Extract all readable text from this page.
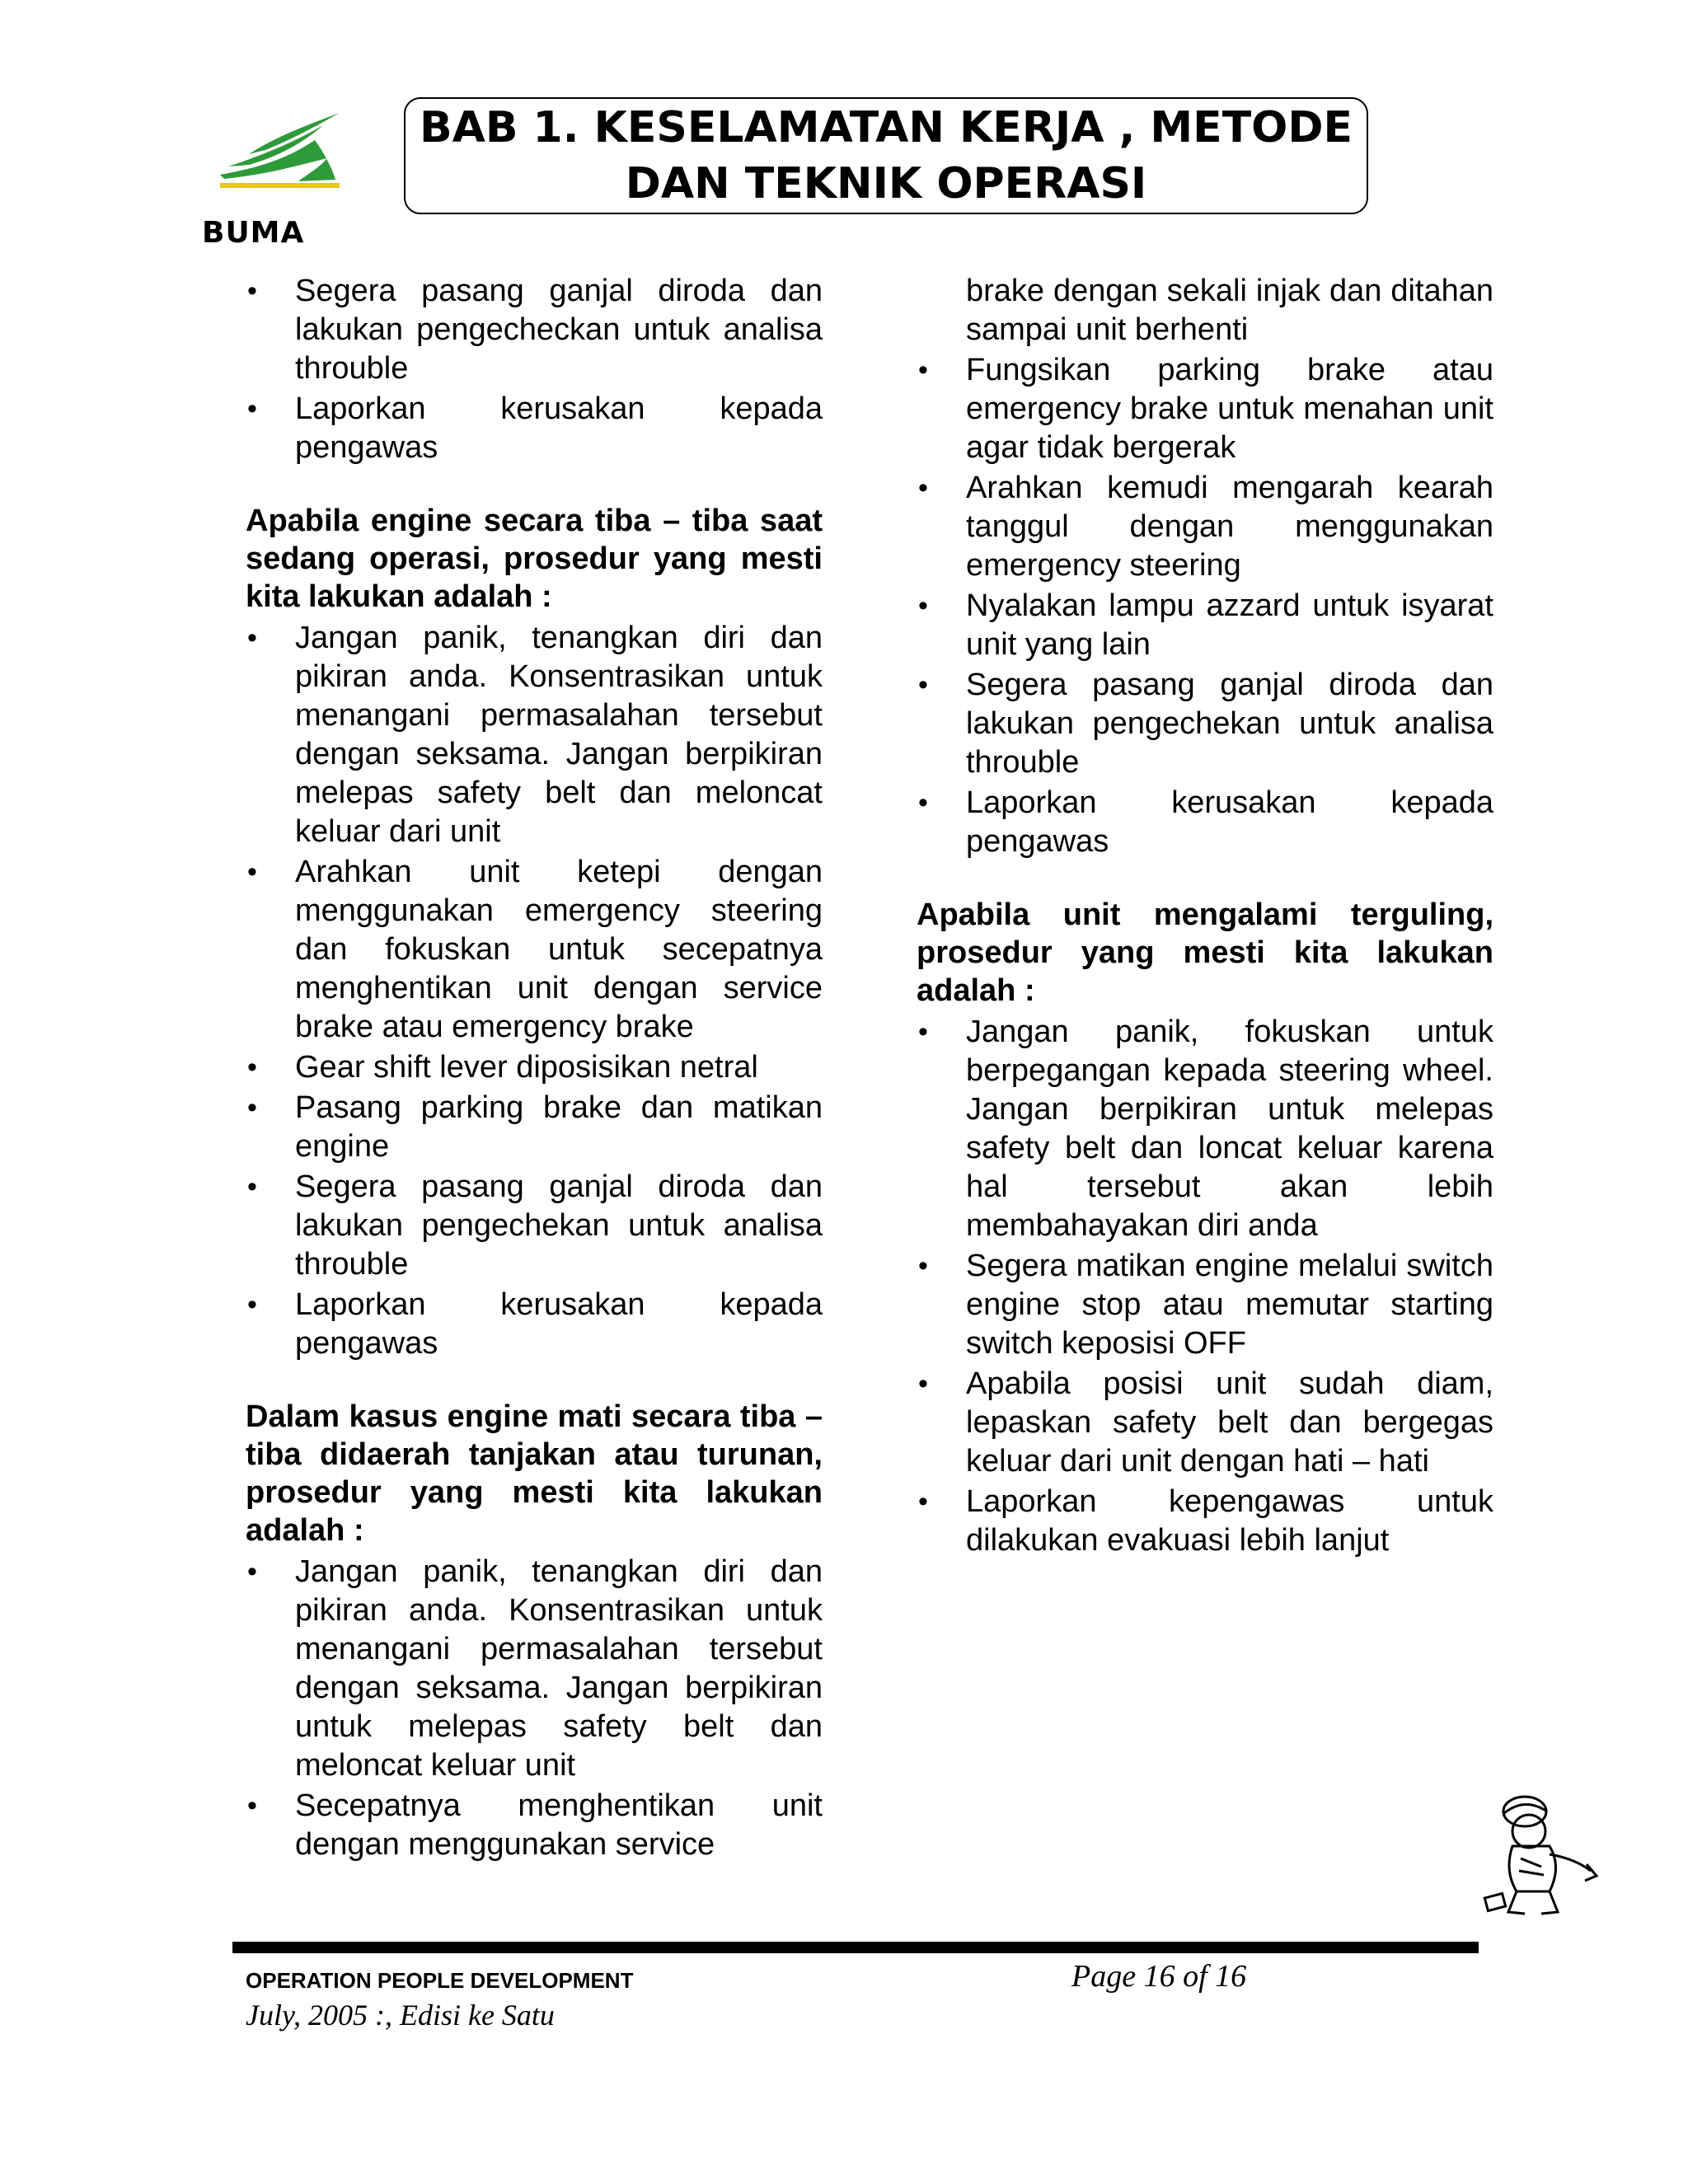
BUMA
BAB 1. KESELAMATAN KERJA , METODE
DAN TEKNIK OPERASI
• Segera pasang ganjal diroda dan lakukan pengecheckan untuk analisa throuble
• Laporkan kerusakan kepada pengawas
Apabila engine secara tiba – tiba saat sedang operasi, prosedur yang mesti kita lakukan adalah :
• Jangan panik, tenangkan diri dan pikiran anda. Konsentrasikan untuk menangani permasalahan tersebut dengan seksama. Jangan berpikiran melepas safety belt dan meloncat keluar dari unit
• Arahkan unit ketepi dengan menggunakan emergency steering dan fokuskan untuk secepatnya menghentikan unit dengan service brake atau emergency brake
• Gear shift lever diposisikan netral
• Pasang parking brake dan matikan engine
• Segera pasang ganjal diroda dan lakukan pengechekan untuk analisa throuble
• Laporkan kerusakan kepada pengawas
Dalam kasus engine mati secara tiba – tiba didaerah tanjakan atau turunan, prosedur yang mesti kita lakukan adalah :
• Jangan panik, tenangkan diri dan pikiran anda. Konsentrasikan untuk menangani permasalahan tersebut dengan seksama. Jangan berpikiran untuk melepas safety belt dan meloncat keluar unit
• Secepatnya menghentikan unit dengan menggunakan service
brake dengan sekali injak dan ditahan sampai unit berhenti
• Fungsikan parking brake atau emergency brake untuk menahan unit agar tidak bergerak
• Arahkan kemudi mengarah kearah tanggul dengan menggunakan emergency steering
• Nyalakan lampu azzard untuk isyarat unit yang lain
• Segera pasang ganjal diroda dan lakukan pengechekan untuk analisa throuble
• Laporkan kerusakan kepada pengawas
Apabila unit mengalami terguling, prosedur yang mesti kita lakukan adalah :
• Jangan panik, fokuskan untuk berpegangan kepada steering wheel. Jangan berpikiran untuk melepas safety belt dan loncat keluar karena hal tersebut akan lebih membahayakan diri anda
• Segera matikan engine melalui switch engine stop atau memutar starting switch keposisi OFF
• Apabila posisi unit sudah diam, lepaskan safety belt dan bergegas keluar dari unit dengan hati – hati
• Laporkan kepengawas untuk dilakukan evakuasi lebih lanjut
OPERATION PEOPLE DEVELOPMENT
July, 2005 :, Edisi ke Satu
Page 16 of 16
